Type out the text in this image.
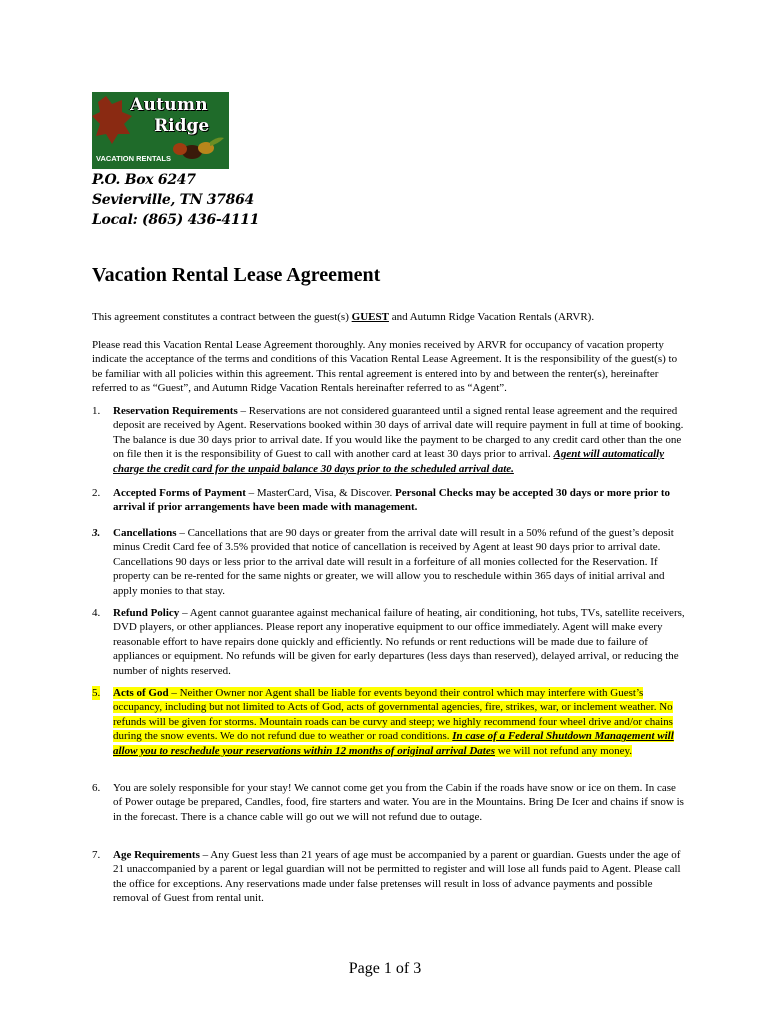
Autumn
Ridge
VACATION RENTALS
P.O. Box 6247
Sevierville, TN 37864
Local: (865) 436-4111
Vacation Rental Lease Agreement
This agreement constitutes a contract between the guest(s) GUEST and Autumn Ridge Vacation Rentals (ARVR).
Please read this Vacation Rental Lease Agreement thoroughly. Any monies received by ARVR for occupancy of vacation property indicate the acceptance of the terms and conditions of this Vacation Rental Lease Agreement. It is the responsibility of the guest(s) to be familiar with all policies within this agreement. This rental agreement is entered into by and between the renter(s), hereinafter referred to as “Guest”, and Autumn Ridge Vacation Rentals hereinafter referred to as “Agent”.
1. Reservation Requirements – Reservations are not considered guaranteed until a signed rental lease agreement and the required deposit are received by Agent. Reservations booked within 30 days of arrival date will require payment in full at time of booking. The balance is due 30 days prior to arrival date. If you would like the payment to be charged to any credit card other than the one on file then it is the responsibility of Guest to call with another card at least 30 days prior to arrival. Agent will automatically charge the credit card for the unpaid balance 30 days prior to the scheduled arrival date.
2. Accepted Forms of Payment – MasterCard, Visa, & Discover. Personal Checks may be accepted 30 days or more prior to arrival if prior arrangements have been made with management.
3. Cancellations – Cancellations that are 90 days or greater from the arrival date will result in a 50% refund of the guest’s deposit minus Credit Card fee of 3.5% provided that notice of cancellation is received by Agent at least 90 days prior to arrival date. Cancellations 90 days or less prior to the arrival date will result in a forfeiture of all monies collected for the Reservation. If property can be re-rented for the same nights or greater, we will allow you to reschedule within 365 days of initial arrival and apply monies to that stay.
4. Refund Policy – Agent cannot guarantee against mechanical failure of heating, air conditioning, hot tubs, TVs, satellite receivers, DVD players, or other appliances. Please report any inoperative equipment to our office immediately. Agent will make every reasonable effort to have repairs done quickly and efficiently. No refunds or rent reductions will be made due to failure of appliances or equipment. No refunds will be given for early departures (less days than reserved), delayed arrival, or reducing the number of nights reserved.
5. Acts of God – Neither Owner nor Agent shall be liable for events beyond their control which may interfere with Guest’s occupancy, including but not limited to Acts of God, acts of governmental agencies, fire, strikes, war, or inclement weather. No refunds will be given for storms. Mountain roads can be curvy and steep; we highly recommend four wheel drive and/or chains during the snow events. We do not refund due to weather or road conditions. In case of a Federal Shutdown Management will allow you to reschedule your reservations within 12 months of original arrival Dates we will not refund any money.
6. You are solely responsible for your stay! We cannot come get you from the Cabin if the roads have snow or ice on them. In case of Power outage be prepared, Candles, food, fire starters and water. You are in the Mountains. Bring De Icer and chains if snow is in the forecast. There is a chance cable will go out we will not refund due to outage.
7. Age Requirements – Any Guest less than 21 years of age must be accompanied by a parent or guardian. Guests under the age of 21 unaccompanied by a parent or legal guardian will not be permitted to register and will lose all funds paid to Agent. Please call the office for exceptions. Any reservations made under false pretenses will result in loss of advance payments and possible removal of Guest from rental unit.
Page 1 of 3
